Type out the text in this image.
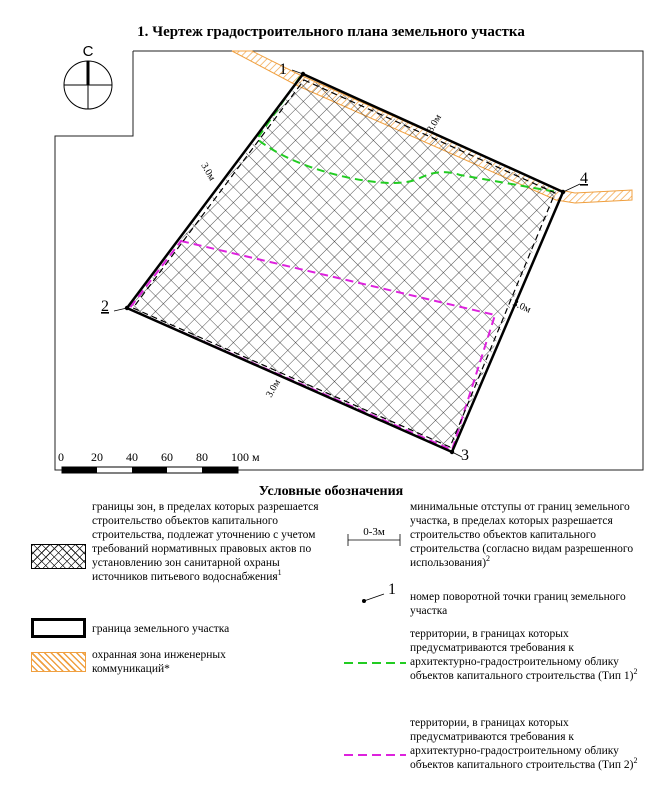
С
1
2
3
4
3.0м
3.0м
3.0м
3.0м
0 20 40 60 80 100 м
1. Чертеж градостроительного плана земельного участка
Условные обозначения
границы зон, в пределах которых разрешается строительство объектов капитального строительства, подлежат уточнению с учетом требований нормативных правовых актов по установлению зон санитарной охраны источников питьевого водоснабжения$^1$
граница земельного участка
охранная зона инженерных коммуникаций*
0-3м
минимальные отступы от границ земельного участка, в пределах которых разрешается строительство объектов капитального строительства (согласно видам разрешенного использования)$^2$
1 номер поворотной точки границ земельного участка
территории, в границах которых предусматриваются требования к архитектурно-градостроительному облику объектов капитального строительства (Тип 1)$^2$
территории, в границах которых предусматриваются требования к архитектурно-градостроительному облику объектов капитального строительства (Тип 2)$^2$
